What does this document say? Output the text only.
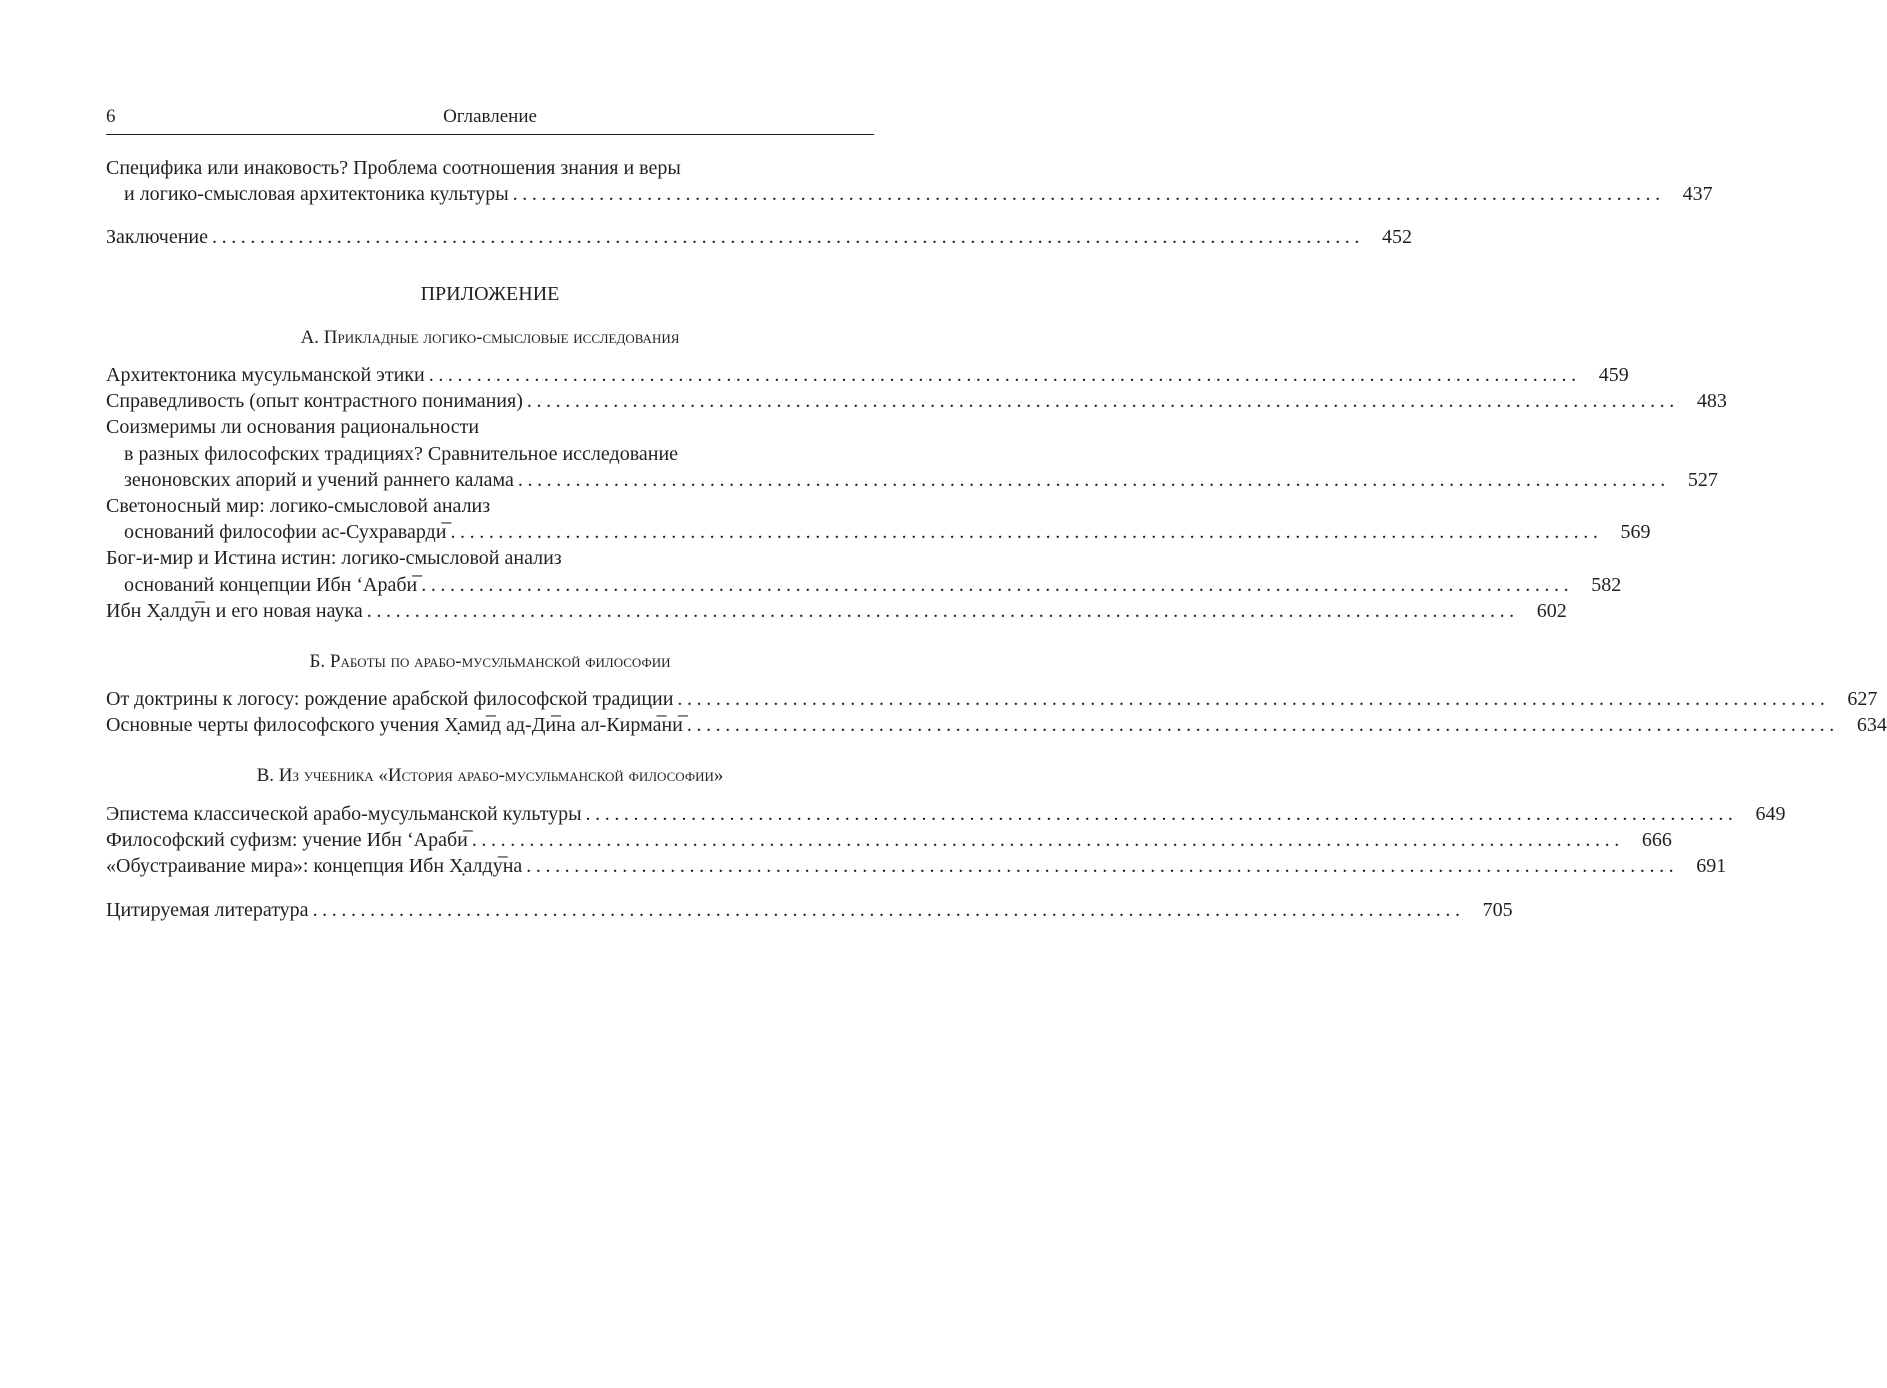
6	Оглавление
Специфика или инаковость? Проблема соотношения знания и веры
и логико-смысловая архитектоника культуры ........................................................................................................................ 437
Заключение ........................................................................................................................ 452
ПРИЛОЖЕНИЕ
А. Прикладные логико-смысловые исследования
Архитектоника мусульманской этики ........................................................................................................................ 459
Справедливость (опыт контрастного понимания) ........................................................................................................................ 483
Соизмеримы ли основания рациональности
в разных философских традициях? Сравнительное исследование
зеноновских апорий и учений раннего калама ........................................................................................................................ 527
Светоносный мир: логико-смысловой анализ
оснований философии ас-Сухраварди̅ ........................................................................................................................ 569
Бог-и-мир и Истина истин: логико-смысловой анализ
оснований концепции Ибн ‘Араби̅ ........................................................................................................................ 582
Ибн Х̣алду̅н и его новая наука ........................................................................................................................ 602
Б. Работы по арабо-мусульманской философии
От доктрины к логосу: рождение арабской философской традиции ........................................................................................................................ 627
Основные черты философского учения Х̣ами̅д ад-Ди̅на ал-Кирма̅ни̅ ........................................................................................................................ 634
В. Из учебника «История арабо-мусульманской философии»
Эпистема классической арабо-мусульманской культуры ........................................................................................................................ 649
Философский суфизм: учение Ибн ‘Араби̅ ........................................................................................................................ 666
«Обустраивание мира»: концепция Ибн Х̣алду̅на ........................................................................................................................ 691
Цитируемая литература ........................................................................................................................ 705
